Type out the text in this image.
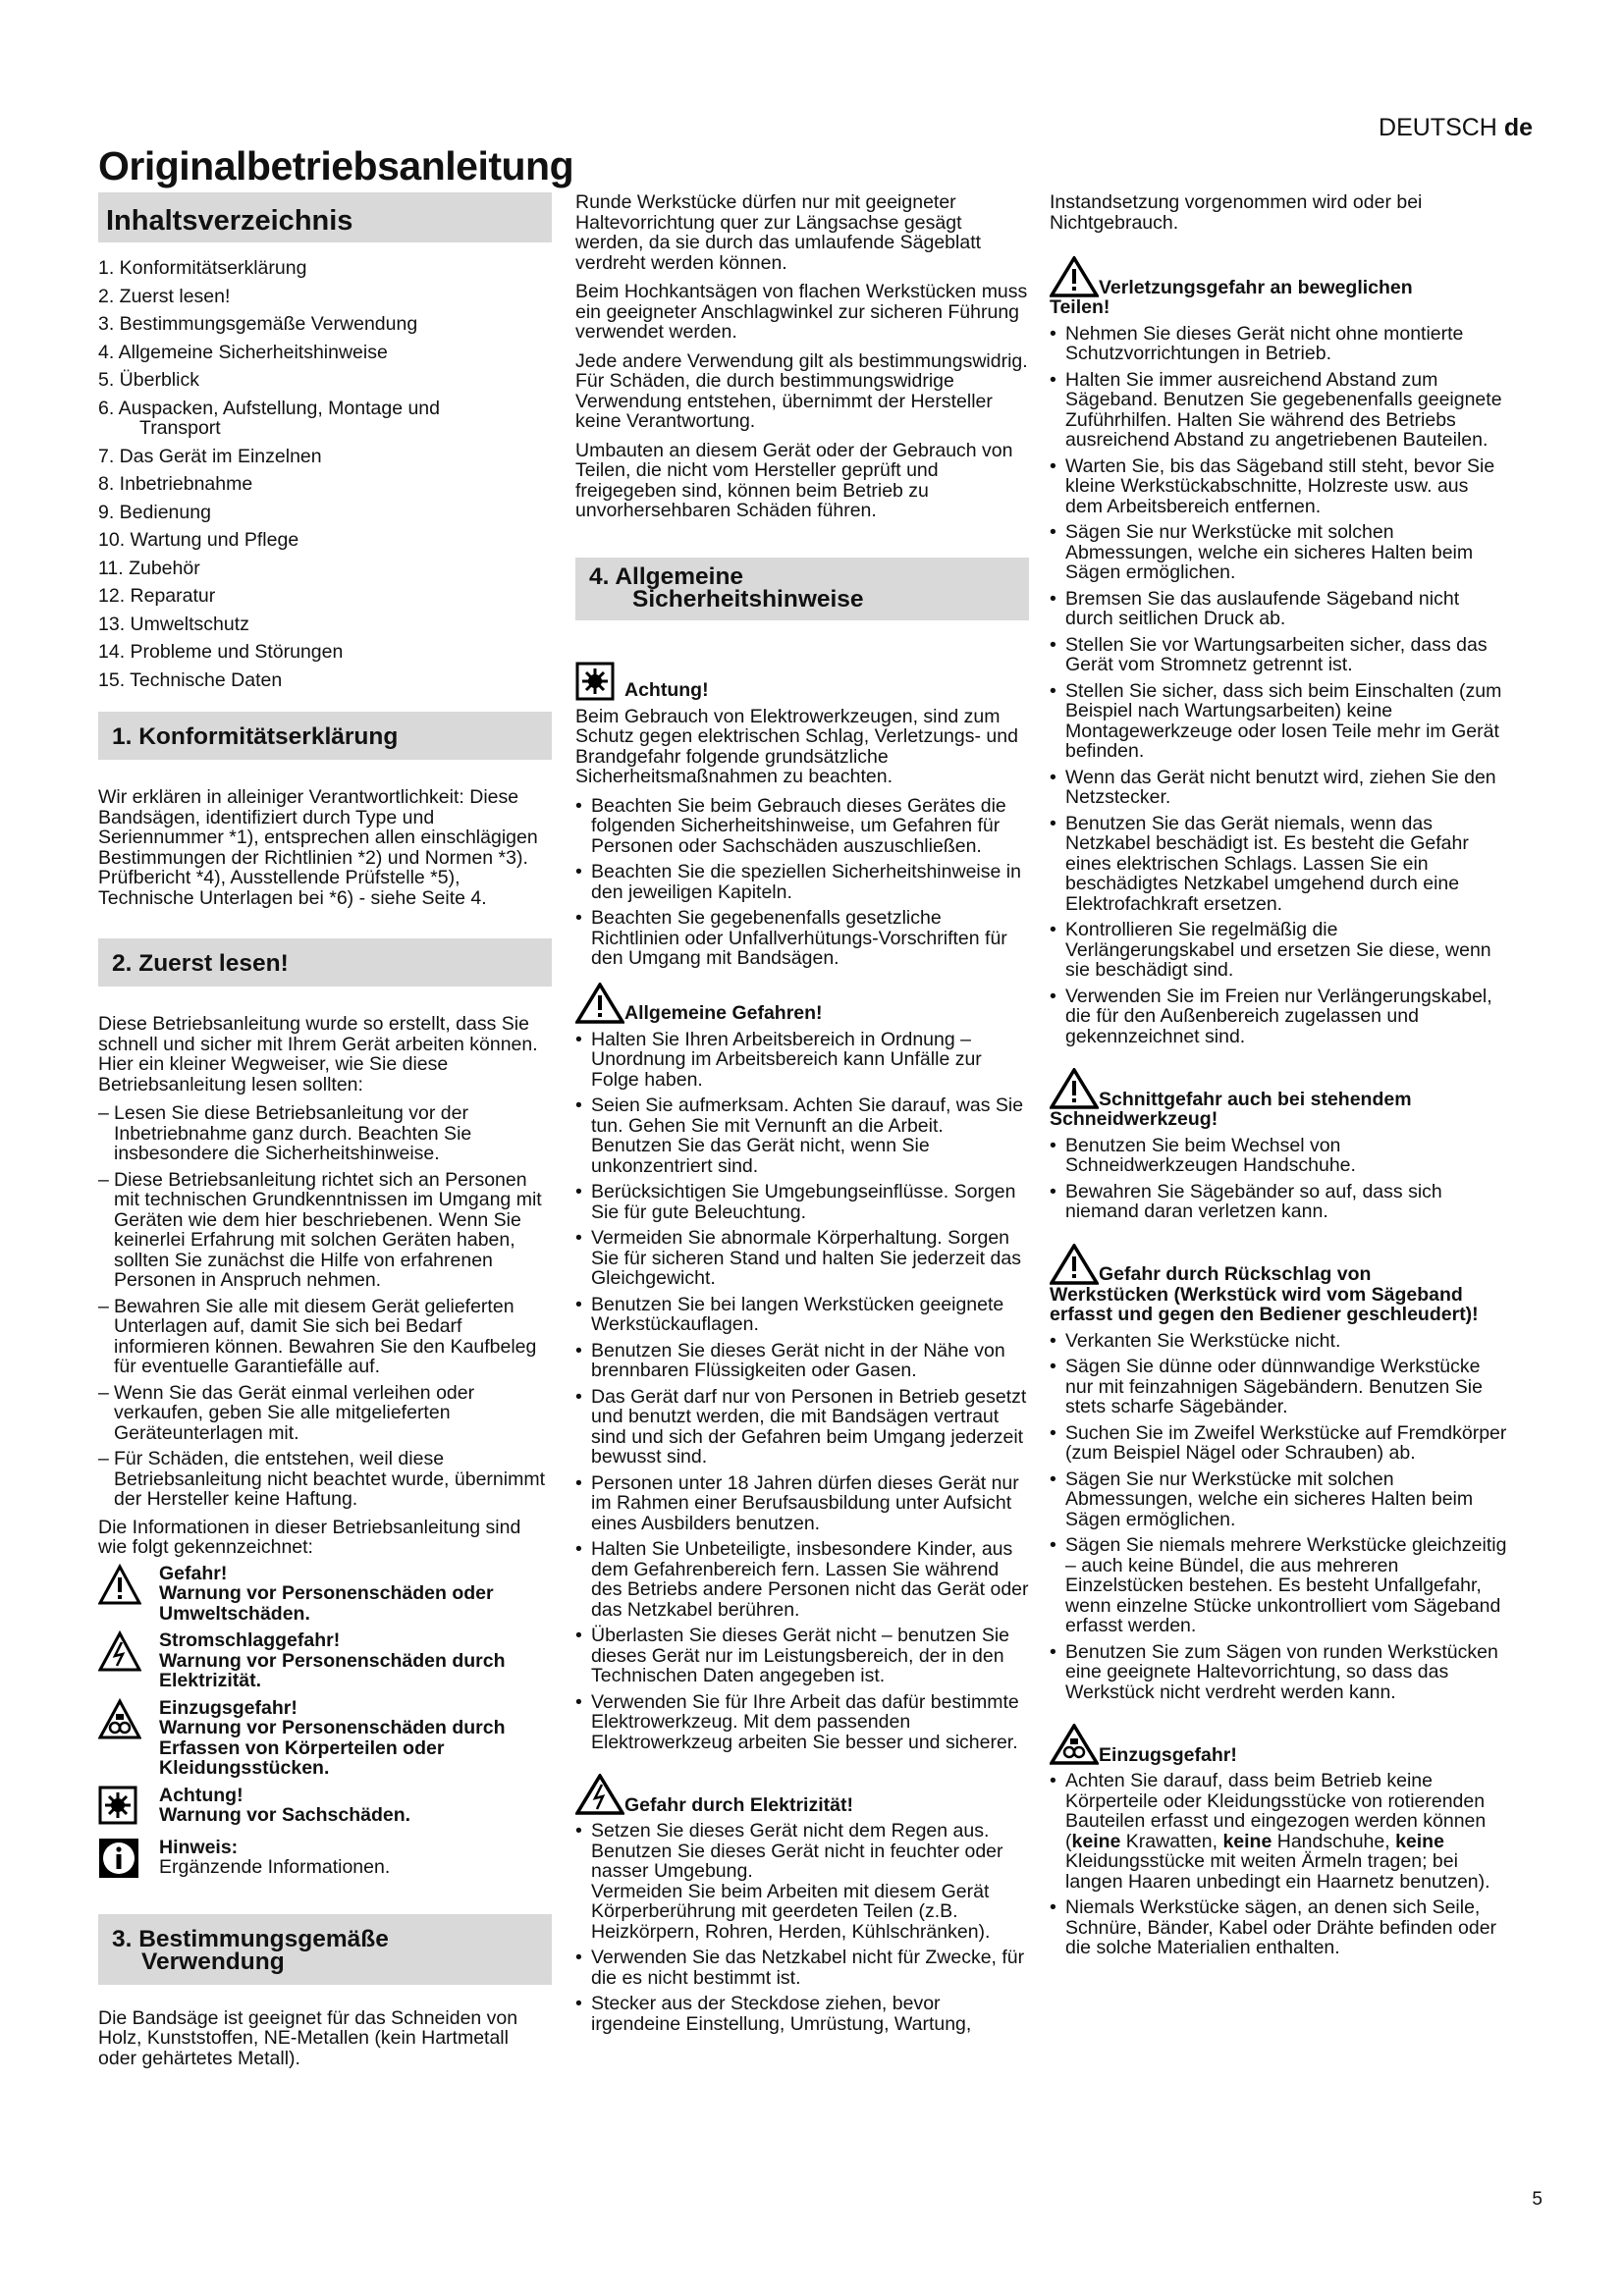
DEUTSCH de
Originalbetriebsanleitung
Inhaltsverzeichnis
1. Konformitätserklärung
2. Zuerst lesen!
3. Bestimmungsgemäße Verwendung
4. Allgemeine Sicherheitshinweise
5. Überblick
6. Auspacken, Aufstellung, Montage und
Transport
7. Das Gerät im Einzelnen
8. Inbetriebnahme
9. Bedienung
10. Wartung und Pflege
11. Zubehör
12. Reparatur
13. Umweltschutz
14. Probleme und Störungen
15. Technische Daten
1. Konformitätserklärung

Wir erklären in alleiniger Verantwortlichkeit: Diese Bandsägen, identifiziert durch Type und Seriennummer *1), entsprechen allen einschlägigen Bestimmungen der Richtlinien *2) und Normen *3). Prüfbericht *4), Ausstellende Prüfstelle *5), Technische Unterlagen bei *6) - siehe Seite 4.

2. Zuerst lesen!

Diese Betriebsanleitung wurde so erstellt, dass Sie schnell und sicher mit Ihrem Gerät arbeiten können. Hier ein kleiner Wegweiser, wie Sie diese Betriebsanleitung lesen sollten:

– Lesen Sie diese Betriebsanleitung vor der Inbetriebnahme ganz durch. Beachten Sie insbesondere die Sicherheitshinweise.
– Diese Betriebsanleitung richtet sich an Personen mit technischen Grundkenntnissen im Umgang mit Geräten wie dem hier beschriebenen. Wenn Sie keinerlei Erfahrung mit solchen Geräten haben, sollten Sie zunächst die Hilfe von erfahrenen Personen in Anspruch nehmen.
– Bewahren Sie alle mit diesem Gerät gelieferten Unterlagen auf, damit Sie sich bei Bedarf informieren können. Bewahren Sie den Kaufbeleg für eventuelle Garantiefälle auf.
– Wenn Sie das Gerät einmal verleihen oder verkaufen, geben Sie alle mitgelieferten Geräteunterlagen mit.
– Für Schäden, die entstehen, weil diese Betriebsanleitung nicht beachtet wurde, übernimmt der Hersteller keine Haftung.

Die Informationen in dieser Betriebsanleitung sind wie folgt gekennzeichnet:

Gefahr!
Warnung vor Personenschäden oder Umweltschäden.
Stromschlaggefahr!
Warnung vor Personenschäden durch Elektrizität.
Einzugsgefahr!
Warnung vor Personenschäden durch Erfassen von Körperteilen oder Kleidungsstücken.
Achtung!
Warnung vor Sachschäden.
Hinweis:
Ergänzende Informationen.
3. Bestimmungsgemäße
Verwendung

Die Bandsäge ist geeignet für das Schneiden von Holz, Kunststoffen, NE-Metallen (kein Hartmetall oder gehärtetes Metall).

Runde Werkstücke dürfen nur mit geeigneter Haltevorrichtung quer zur Längsachse gesägt werden, da sie durch das umlaufende Sägeblatt verdreht werden können.

Beim Hochkantsägen von flachen Werkstücken muss ein geeigneter Anschlagwinkel zur sicheren Führung verwendet werden.

Jede andere Verwendung gilt als bestimmungswidrig. Für Schäden, die durch bestimmungswidrige Verwendung entstehen, übernimmt der Hersteller keine Verantwortung.

Umbauten an diesem Gerät oder der Gebrauch von Teilen, die nicht vom Hersteller geprüft und freigegeben sind, können beim Betrieb zu unvorhersehbaren Schäden führen.

4. Allgemeine
Sicherheitshinweise
Achtung!

Beim Gebrauch von Elektrowerkzeugen, sind zum Schutz gegen elektrischen Schlag, Verletzungs- und Brandgefahr folgende grundsätzliche Sicherheitsmaßnahmen zu beachten.

• Beachten Sie beim Gebrauch dieses Gerätes die folgenden Sicherheitshinweise, um Gefahren für Personen oder Sachschäden auszuschließen.
• Beachten Sie die speziellen Sicherheitshinweise in den jeweiligen Kapiteln.
• Beachten Sie gegebenenfalls gesetzliche Richtlinien oder Unfallverhütungs-Vorschriften für den Umgang mit Bandsägen.
Allgemeine Gefahren!
• Halten Sie Ihren Arbeitsbereich in Ordnung – Unordnung im Arbeitsbereich kann Unfälle zur Folge haben.
• Seien Sie aufmerksam. Achten Sie darauf, was Sie tun. Gehen Sie mit Vernunft an die Arbeit. Benutzen Sie das Gerät nicht, wenn Sie unkonzentriert sind.
• Berücksichtigen Sie Umgebungseinflüsse. Sorgen Sie für gute Beleuchtung.
• Vermeiden Sie abnormale Körperhaltung. Sorgen Sie für sicheren Stand und halten Sie jederzeit das Gleichgewicht.
• Benutzen Sie bei langen Werkstücken geeignete Werkstückauflagen.
• Benutzen Sie dieses Gerät nicht in der Nähe von brennbaren Flüssigkeiten oder Gasen.
• Das Gerät darf nur von Personen in Betrieb gesetzt und benutzt werden, die mit Bandsägen vertraut sind und sich der Gefahren beim Umgang jederzeit bewusst sind.
• Personen unter 18 Jahren dürfen dieses Gerät nur im Rahmen einer Berufsausbildung unter Aufsicht eines Ausbilders benutzen.
• Halten Sie Unbeteiligte, insbesondere Kinder, aus dem Gefahrenbereich fern. Lassen Sie während des Betriebs andere Personen nicht das Gerät oder das Netzkabel berühren.
• Überlasten Sie dieses Gerät nicht – benutzen Sie dieses Gerät nur im Leistungsbereich, der in den Technischen Daten angegeben ist.
• Verwenden Sie für Ihre Arbeit das dafür bestimmte Elektrowerkzeug. Mit dem passenden Elektrowerkzeug arbeiten Sie besser und sicherer.
Gefahr durch Elektrizität!
• Setzen Sie dieses Gerät nicht dem Regen aus. Benutzen Sie dieses Gerät nicht in feuchter oder nasser Umgebung.
Vermeiden Sie beim Arbeiten mit diesem Gerät Körperberührung mit geerdeten Teilen (z.B. Heizkörpern, Rohren, Herden, Kühlschränken).
• Verwenden Sie das Netzkabel nicht für Zwecke, für die es nicht bestimmt ist.
• Stecker aus der Steckdose ziehen, bevor irgendeine Einstellung, Umrüstung, Wartung,

Instandsetzung vorgenommen wird oder bei Nichtgebrauch.

Verletzungsgefahr an beweglichen
Teilen!
• Nehmen Sie dieses Gerät nicht ohne montierte Schutzvorrichtungen in Betrieb.
• Halten Sie immer ausreichend Abstand zum Sägeband. Benutzen Sie gegebenenfalls geeignete Zuführhilfen. Halten Sie während des Betriebs ausreichend Abstand zu angetriebenen Bauteilen.
• Warten Sie, bis das Sägeband still steht, bevor Sie kleine Werkstückabschnitte, Holzreste usw. aus dem Arbeitsbereich entfernen.
• Sägen Sie nur Werkstücke mit solchen Abmessungen, welche ein sicheres Halten beim Sägen ermöglichen.
• Bremsen Sie das auslaufende Sägeband nicht durch seitlichen Druck ab.
• Stellen Sie vor Wartungsarbeiten sicher, dass das Gerät vom Stromnetz getrennt ist.
• Stellen Sie sicher, dass sich beim Einschalten (zum Beispiel nach Wartungsarbeiten) keine Montagewerkzeuge oder losen Teile mehr im Gerät befinden.
• Wenn das Gerät nicht benutzt wird, ziehen Sie den Netzstecker.
• Benutzen Sie das Gerät niemals, wenn das Netzkabel beschädigt ist. Es besteht die Gefahr eines elektrischen Schlags. Lassen Sie ein beschädigtes Netzkabel umgehend durch eine Elektrofachkraft ersetzen.
• Kontrollieren Sie regelmäßig die Verlängerungskabel und ersetzen Sie diese, wenn sie beschädigt sind.
• Verwenden Sie im Freien nur Verlängerungskabel, die für den Außenbereich zugelassen und gekennzeichnet sind.
Schnittgefahr auch bei stehendem
Schneidwerkzeug!
• Benutzen Sie beim Wechsel von Schneidwerkzeugen Handschuhe.
• Bewahren Sie Sägebänder so auf, dass sich niemand daran verletzen kann.
Gefahr durch Rückschlag von
Werkstücken (Werkstück wird vom Sägeband erfasst und gegen den Bediener geschleudert)!
• Verkanten Sie Werkstücke nicht.
• Sägen Sie dünne oder dünnwandige Werkstücke nur mit feinzahnigen Sägebändern. Benutzen Sie stets scharfe Sägebänder.
• Suchen Sie im Zweifel Werkstücke auf Fremdkörper (zum Beispiel Nägel oder Schrauben) ab.
• Sägen Sie nur Werkstücke mit solchen Abmessungen, welche ein sicheres Halten beim Sägen ermöglichen.
• Sägen Sie niemals mehrere Werkstücke gleichzeitig – auch keine Bündel, die aus mehreren Einzelstücken bestehen. Es besteht Unfallgefahr, wenn einzelne Stücke unkontrolliert vom Sägeband erfasst werden.
• Benutzen Sie zum Sägen von runden Werkstücken eine geeignete Haltevorrichtung, so dass das Werkstück nicht verdreht werden kann.
Einzugsgefahr!
• Achten Sie darauf, dass beim Betrieb keine Körperteile oder Kleidungsstücke von rotierenden Bauteilen erfasst und eingezogen werden können (keine Krawatten, keine Handschuhe, keine Kleidungsstücke mit weiten Ärmeln tragen; bei langen Haaren unbedingt ein Haarnetz benutzen).
• Niemals Werkstücke sägen, an denen sich Seile, Schnüre, Bänder, Kabel oder Drähte befinden oder die solche Materialien enthalten.
5
